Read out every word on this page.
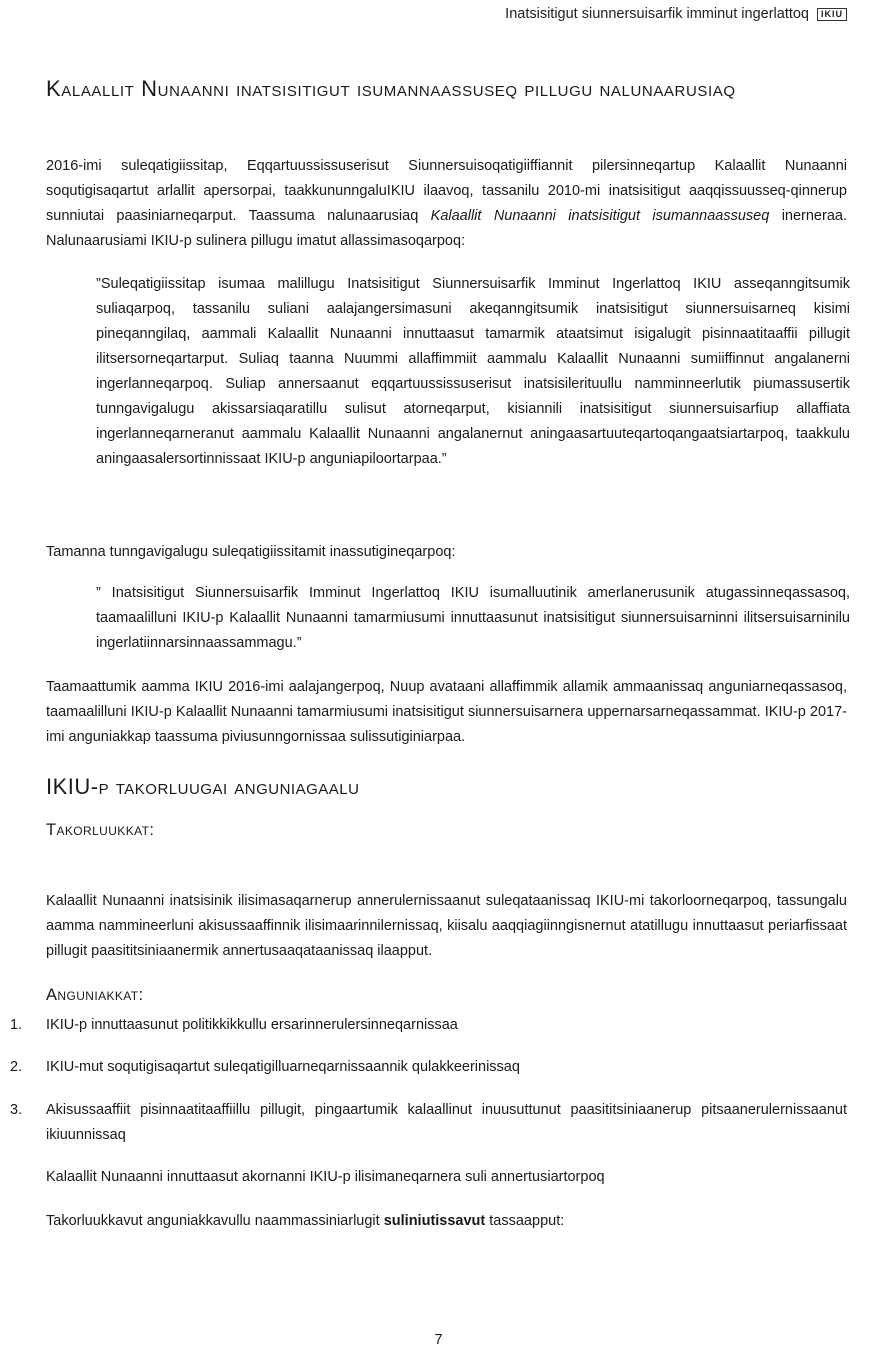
Inatsisitigut siunnersuisarfik imminut ingerlattoq	IKIU
Kalaallit Nunaanni inatsisitigut isumannaassuseq pillugu nalunaarusiaq

2016-imi suleqatigiissitap, Eqqartuussissuserisut Siunnersuisoqatigiiffiannit pilersinneqartup Kalaallit Nunaanni soqutigisaqartut arlallit apersorpai, taakkununngaluIKIU ilaavoq, tassanilu 2010-mi inatsisitigut aaqqissuusseq-qinnerup sunniutai paasiniarneqarput. Taassuma nalunaarusiaq Kalaallit Nunaanni inatsisitigut isumannaassuseq inerneraa. Nalunaarusiami IKIU-p sulinera pillugu imatut allassimasoqarpoq:

”Suleqatigiissitap isumaa malillugu Inatsisitigut Siunnersuisarfik Imminut Ingerlattoq IKIU asseqanngitsumik suliaqarpoq, tassanilu suliani aalajangersimasuni akeqanngitsumik inatsisitigut siunnersuisarneq kisimi pineqanngilaq, aammali Kalaallit Nunaanni innuttaasut tamarmik ataatsimut isigalugit pisinnaatitaaffii pillugit ilitsersorneqartarput. Suliaq taanna Nuummi allaffimmiit aammalu Kalaallit Nunaanni sumiiffinnut angalanerni ingerlanneqarpoq. Suliap annersaanut eqqartuussissuserisut inatsisilerituullu namminneerlutik piumassusertik tunngavigalugu akissarsiaqaratillu sulisut atorneqarput, kisiannili inatsisitigut siunnersuisarfiup allaffiata ingerlanneqarneranut aammalu Kalaallit Nunaanni angalanernut aningaasartuuteqartoqangaatsiartarpoq, taakkulu aningaasalersortinnissaat IKIU-p anguniapiloortarpaa.”

Tamanna tunngavigalugu suleqatigiissitamit inassutigineqarpoq:

” Inatsisitigut Siunnersuisarfik Imminut Ingerlattoq IKIU isumalluutinik amerlanerusunik atugassinneqassasoq, taamaalilluni IKIU-p Kalaallit Nunaanni tamarmiusumi innuttaasunut inatsisitigut siunnersuisarninni ilitsersuisarninilu ingerlatiinnarsinnaassammagu.”

Taamaattumik aamma IKIU 2016-imi aalajangerpoq, Nuup avataani allaffimmik allamik ammaanissaq anguniarneqassasoq, taamaalilluni IKIU-p Kalaallit Nunaanni tamarmiusumi inatsisitigut siunnersuisarnera uppernarsarneqassammat. IKIU-p 2017-imi anguniakkap taassuma piviusunngornissaa sulissutiginiarpaa.

IKIU-p takorluugai anguniagaalu
Takorluukkat:

Kalaallit Nunaanni inatsisinik ilisimasaqarnerup annerulernissaanut suleqataanissaq IKIU-mi takorloorneqarpoq, tassungalu aamma nammineerluni akisussaaffinnik ilisimaarinnilernissaq, kiisalu aaqqiagiinngisnernut atatillugu innuttaasut periarfissaat pillugit paasititsiniaanermik annertusaaqataanissaq ilaapput.

Anguniakkat:
1.	IKIU-p innuttaasunut politikkikkullu ersarinnerulersinneqarnissaa
2.	IKIU-mut soqutigisaqartut suleqatigilluarneqarnissaannik qulakkeerinissaq
3.	Akisussaaffiit pisinnaatitaaffiillu pillugit, pingaartumik kalaallinut inuusuttunut paasititsiniaanerup pitsaanerulernissaanut ikiuunnissaq

Kalaallit Nunaanni innuttaasut akornanni IKIU-p ilisimaneqarnera suli annertusiartorpoq

Takorluukkavut anguniakkavullu naammassiniarlugit suliniutissavut tassaapput:

7
